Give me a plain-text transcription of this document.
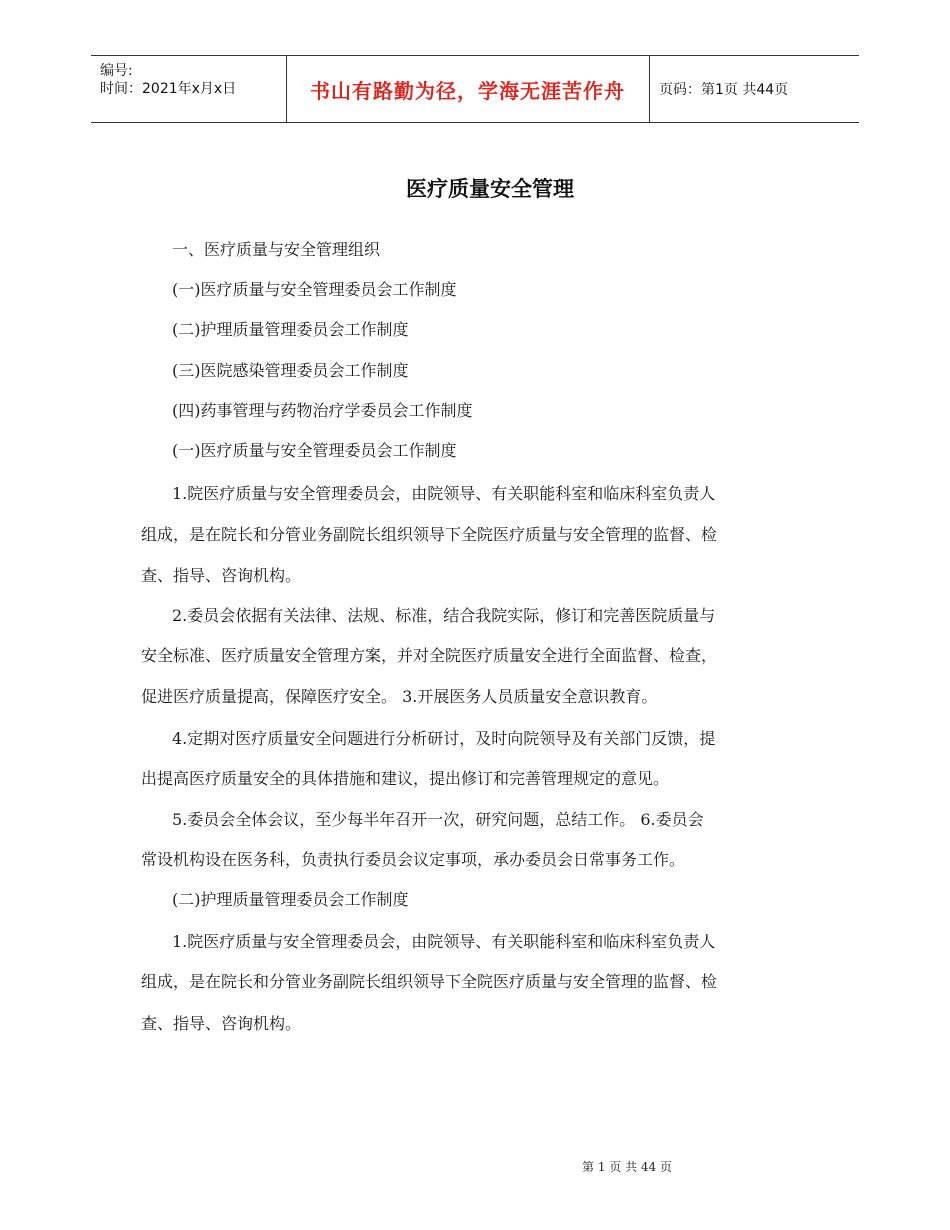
编号:
时间：2021年x月x日	书山有路勤为径，学海无涯苦作舟 页码：第1页 共44页
医疗质量安全管理
一、医疗质量与安全管理组织
(一)医疗质量与安全管理委员会工作制度
(二)护理质量管理委员会工作制度
(三)医院感染管理委员会工作制度
(四)药事管理与药物治疗学委员会工作制度
(一)医疗质量与安全管理委员会工作制度
1.院医疗质量与安全管理委员会，由院领导、有关职能科室和临床科室负责人
组成，是在院长和分管业务副院长组织领导下全院医疗质量与安全管理的监督、检
查、指导、咨询机构。
2.委员会依据有关法律、法规、标准，结合我院实际，修订和完善医院质量与
安全标准、医疗质量安全管理方案，并对全院医疗质量安全进行全面监督、检查，
促进医疗质量提高，保障医疗安全。 3.开展医务人员质量安全意识教育。
4.定期对医疗质量安全问题进行分析研讨，及时向院领导及有关部门反馈，提
出提高医疗质量安全的具体措施和建议，提出修订和完善管理规定的意见。
5.委员会全体会议，至少每半年召开一次，研究问题，总结工作。 6.委员会
常设机构设在医务科，负责执行委员会议定事项，承办委员会日常事务工作。
(二)护理质量管理委员会工作制度
1.院医疗质量与安全管理委员会，由院领导、有关职能科室和临床科室负责人
组成，是在院长和分管业务副院长组织领导下全院医疗质量与安全管理的监督、检
查、指导、咨询机构。
第 1 页 共 44 页
